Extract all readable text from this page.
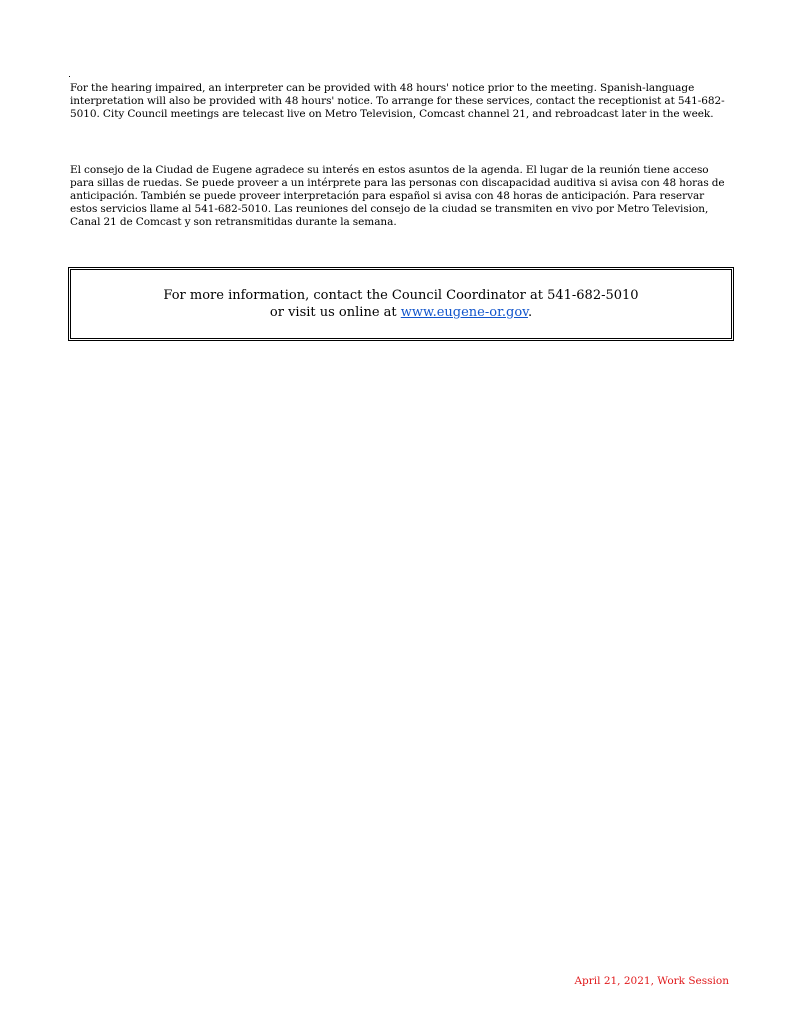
For the hearing impaired, an interpreter can be provided with 48 hours' notice prior to the meeting. Spanish-language interpretation will also be provided with 48 hours' notice. To arrange for these services, contact the receptionist at 541-682-5010. City Council meetings are telecast live on Metro Television, Comcast channel 21, and rebroadcast later in the week.

El consejo de la Ciudad de Eugene agradece su interés en estos asuntos de la agenda. El lugar de la reunión tiene acceso para sillas de ruedas. Se puede proveer a un intérprete para las personas con discapacidad auditiva si avisa con 48 horas de anticipación. También se puede proveer interpretación para español si avisa con 48 horas de anticipación. Para reservar estos servicios llame al 541-682-5010. Las reuniones del consejo de la ciudad se transmiten en vivo por Metro Television, Canal 21 de Comcast y son retransmitidas durante la semana.

For more information, contact the Council Coordinator at 541-682-5010
or visit us online at www.eugene-or.gov.
April 21, 2021, Work Session
